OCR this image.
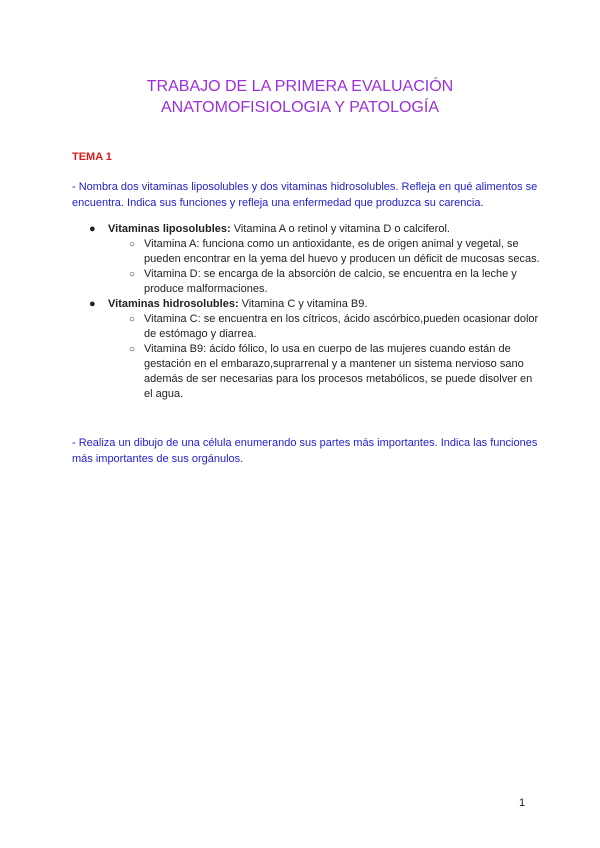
TRABAJO DE LA PRIMERA EVALUACIÓN
ANATOMOFISIOLOGIA Y PATOLOGÍA
TEMA 1
- Nombra dos vitaminas liposolubles y dos vitaminas hidrosolubles. Refleja en qué alimentos se encuentra. Indica sus funciones y refleja una enfermedad que produzca su carencia.
● Vitaminas liposolubles: Vitamina A o retinol y vitamina D o calciferol.
○ Vitamina A: funciona como un antioxidante, es de origen animal y vegetal, se pueden encontrar en la yema del huevo y producen un déficit de mucosas secas.
○ Vitamina D: se encarga de la absorción de calcio, se encuentra en la leche y produce malformaciones.
● Vitaminas hidrosolubles: Vitamina C y vitamina B9.
○ Vitamina C: se encuentra en los cítricos, ácido ascórbico,pueden ocasionar dolor de estómago y diarrea.
○ Vitamina B9: ácido fólico, lo usa en cuerpo de las mujeres cuando están de gestación en el embarazo,suprarrenal y a mantener un sistema nervioso sano además de ser necesarias para los procesos metabólicos, se puede disolver en el agua.
- Realiza un dibujo de una célula enumerando sus partes más importantes. Indica las funciones más importantes de sus orgánulos.
1
